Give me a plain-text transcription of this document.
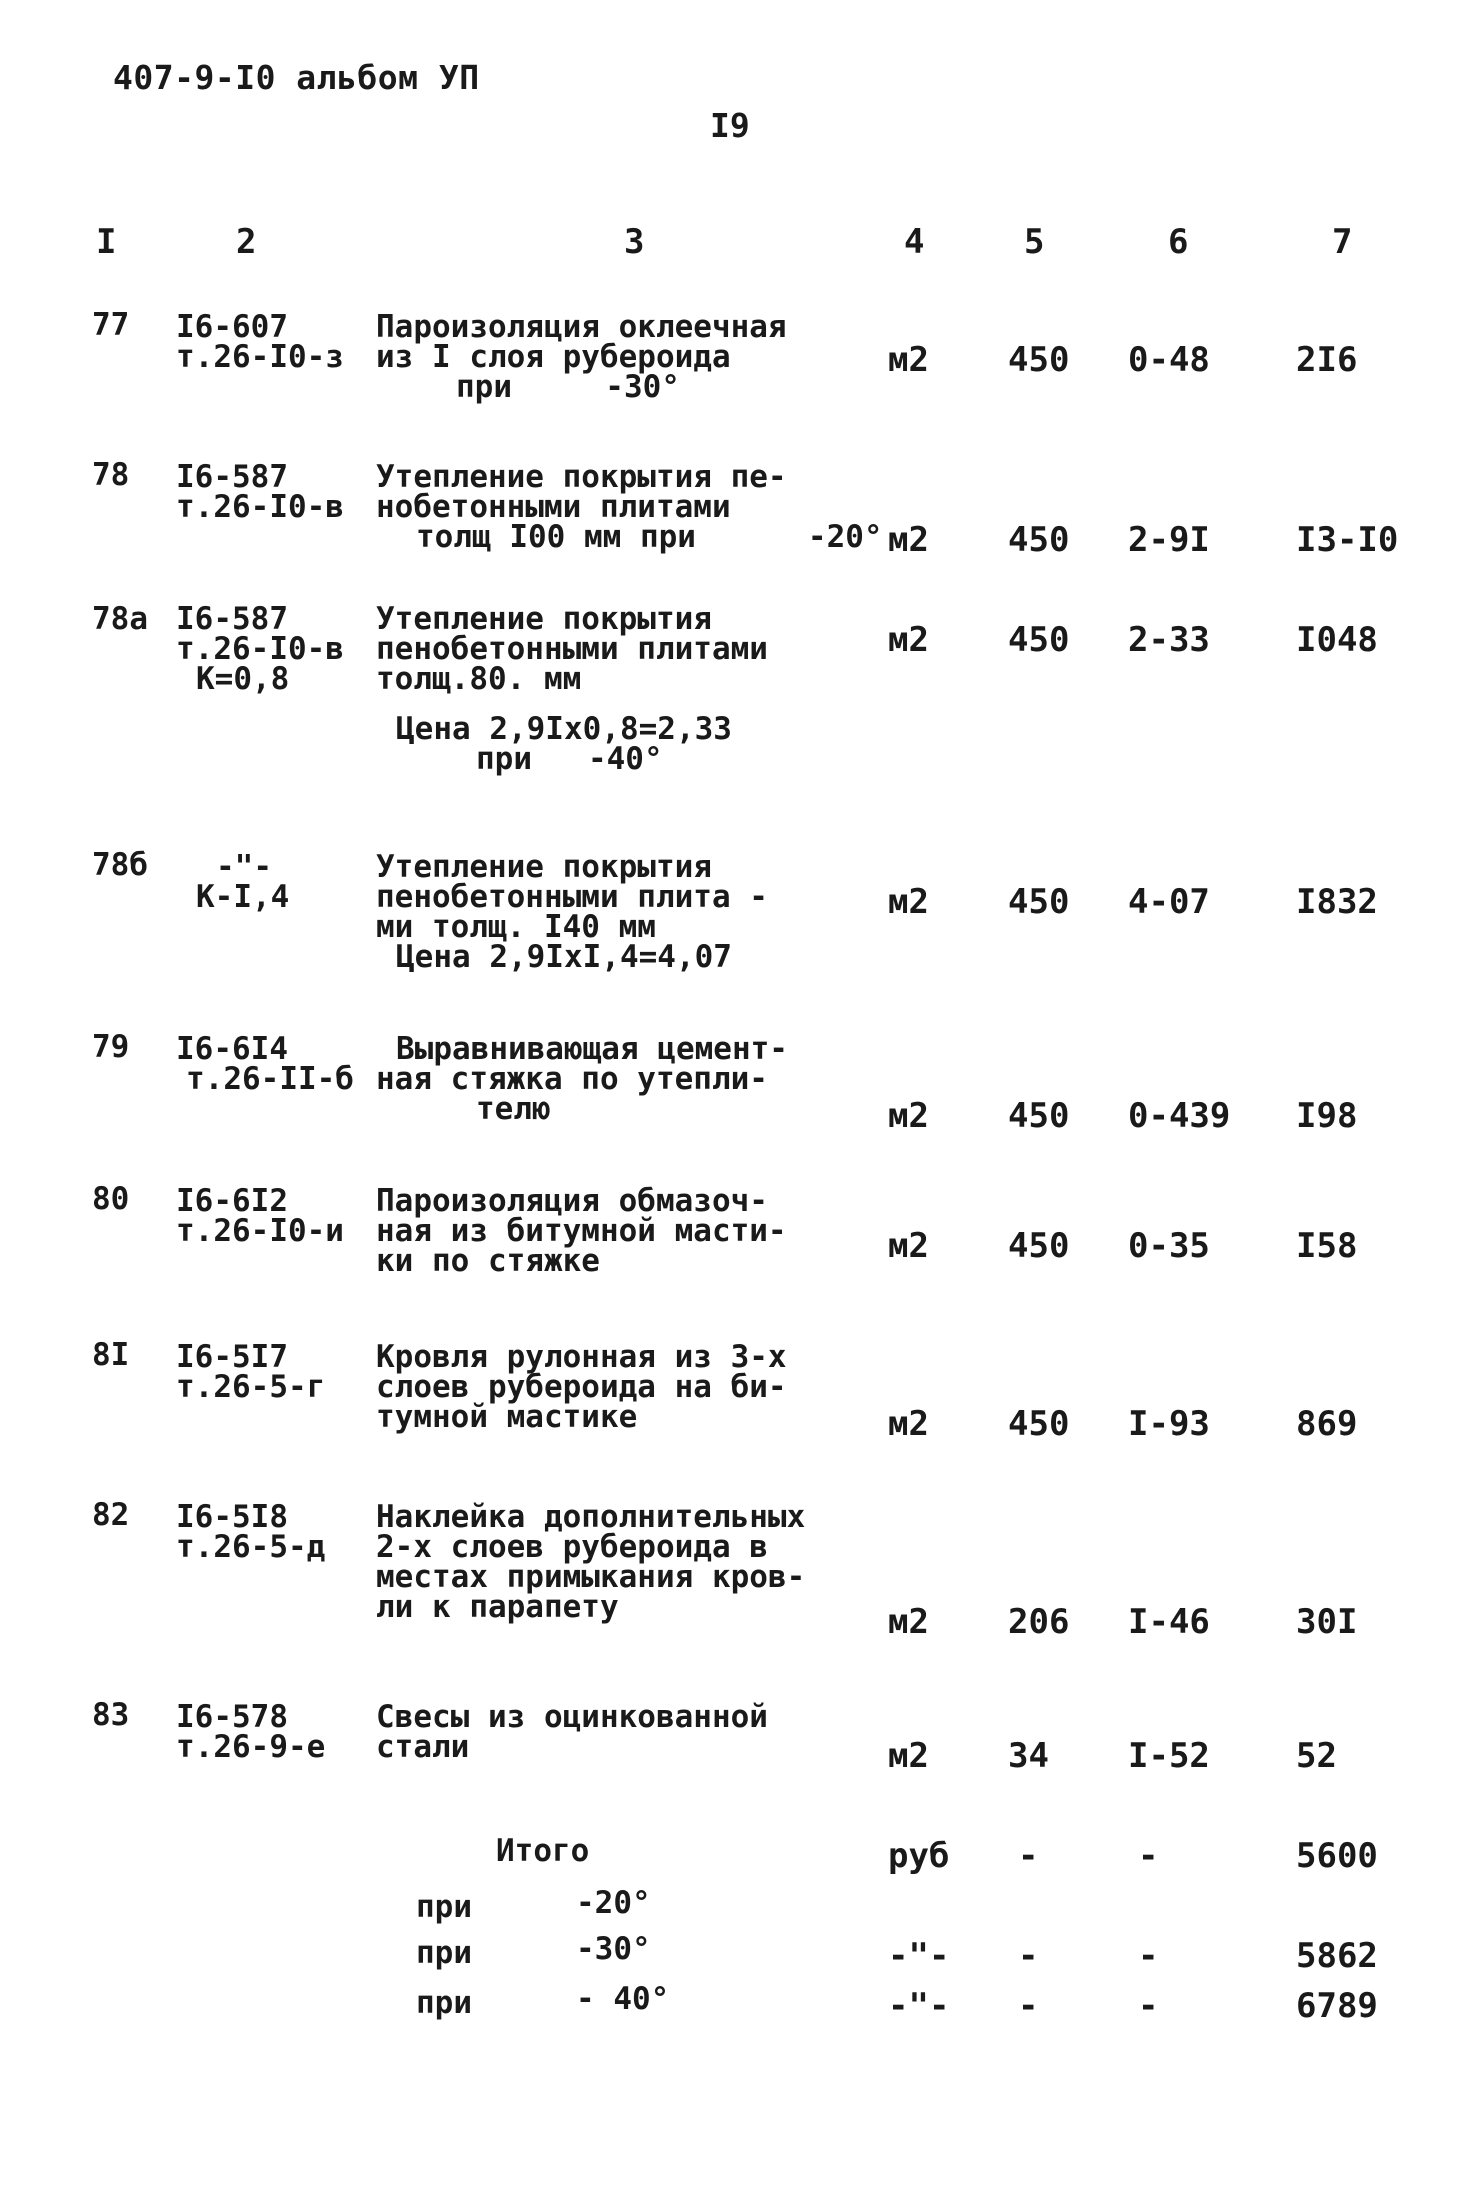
407-9-I0 альбом УП
I9
I	2	3	4	5	6	7
77 I6-607
т.26-I0-з
Пароизоляция оклеечная
из I слоя рубероида
при     -30°
м2 450 0-48	2I6
78 I6-587
т.26-I0-в
Утепление покрытия пе-
нобетонными плитами
толщ I00 мм при      -20° м2 450 2-9I	I3-I0
78а I6-587
т.26-I0-в
К=0,8
Утепление покрытия
пенобетонными плитами
толщ.80. мм
Цена 2,9Iх0,8=2,33
при   -40°
м2 450 2-33	I048
78б -"-
К-I,4
Утепление покрытия
пенобетонными плита -
ми толщ. I40 мм
Цена 2,9IхI,4=4,07
м2 450 4-07	I832
79 I6-6I4
т.26-II-б
Выравнивающая цемент-
ная стяжка по утепли-
телю	м2 450 0-439 I98
80 I6-6I2
т.26-I0-и
Пароизоляция обмазоч-
ная из битумной масти-
ки по стяжке	м2 450 0-35	I58
8I I6-5I7
т.26-5-г
Кровля рулонная из 3-х
слоев рубероида на би-
тумной мастике	м2 450 I-93	869
82 I6-5I8
т.26-5-д
Наклейка дополнительных
2-х слоев рубероида в
местах примыкания кров-
ли к парапету	м2 206 I-46	30I
83 I6-578
т.26-9-е
Свесы из оцинкованной
стали	м2 34 I-52	52
Итого	руб -	-	5600
при	-20°
при	-30°	-"- -	-	5862
при	- 40°	-"- -	-	6789
